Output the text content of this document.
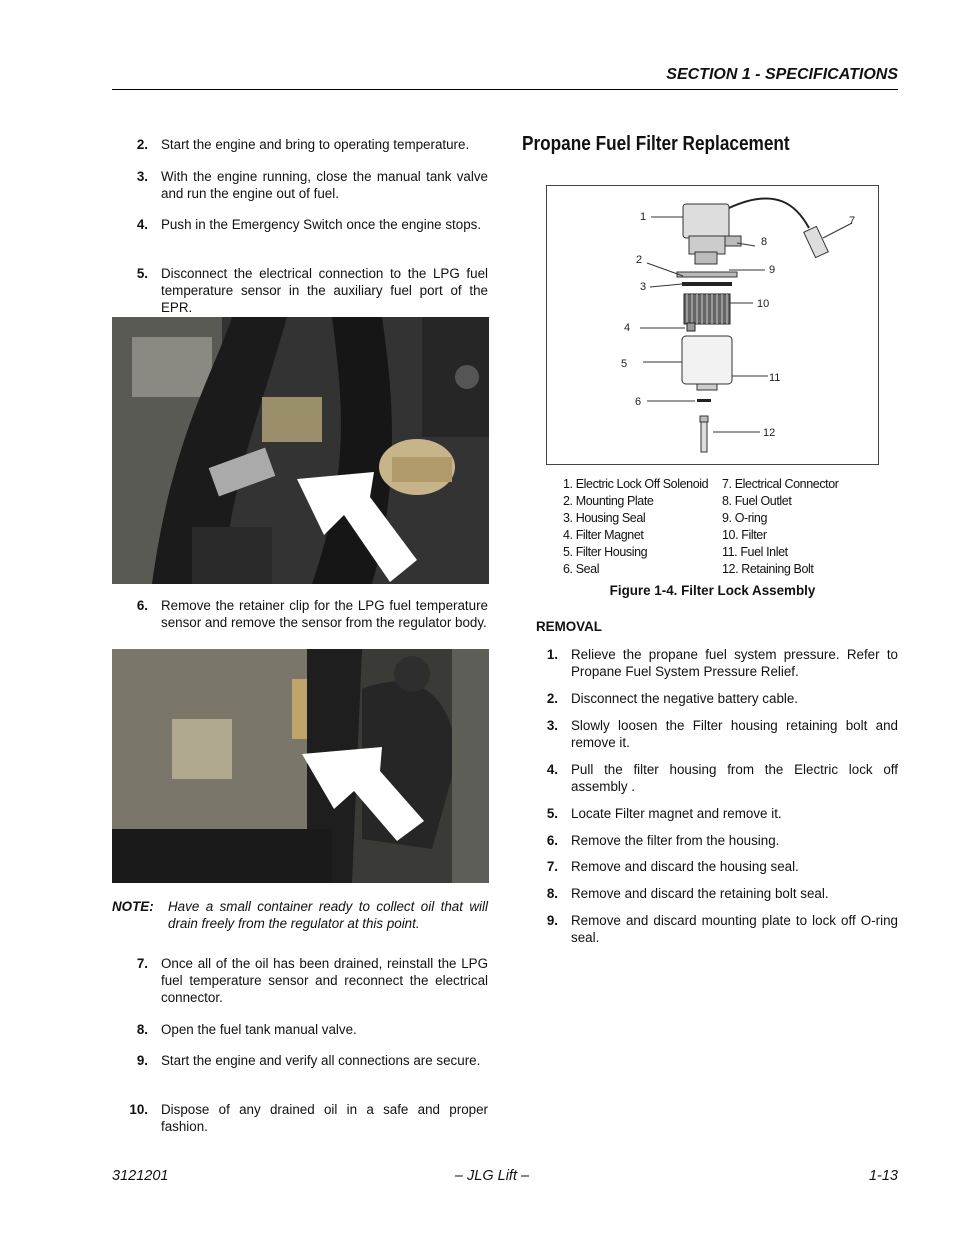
SECTION 1 - SPECIFICATIONS
2. Start the engine and bring to operating temperature.
3. With the engine running, close the manual tank valve and run the engine out of fuel.
4. Push in the Emergency Switch once the engine stops.
5. Disconnect the electrical connection to the LPG fuel temperature sensor in the auxiliary fuel port of the EPR.
6. Remove the retainer clip for the LPG fuel temperature sensor and remove the sensor from the regulator body.
NOTE: Have a small container ready to collect oil that will drain freely from the regulator at this point.
7. Once all of the oil has been drained, reinstall the LPG fuel temperature sensor and reconnect the electrical connector.
8. Open the fuel tank manual valve.
9. Start the engine and verify all connections are secure.
10. Dispose of any drained oil in a safe and proper fashion.
Propane Fuel Filter Replacement
1
2
3
4
5
6
7
8
9
10
11
12
1. Electric Lock Off Solenoid
2. Mounting Plate
3. Housing Seal
4. Filter Magnet
5. Filter Housing
6. Seal
7. Electrical Connector
8. Fuel Outlet
9. O-ring
10. Filter
11. Fuel Inlet
12. Retaining Bolt
Figure 1-4. Filter Lock Assembly
REMOVAL
1. Relieve the propane fuel system pressure. Refer to Propane Fuel System Pressure Relief.
2. Disconnect the negative battery cable.
3. Slowly loosen the Filter housing retaining bolt and remove it.
4. Pull the filter housing from the Electric lock off assembly .
5. Locate Filter magnet and remove it.
6. Remove the filter from the housing.
7. Remove and discard the housing seal.
8. Remove and discard the retaining bolt seal.
9. Remove and discard mounting plate to lock off O-ring seal.
3121201	– JLG Lift –	1-13
